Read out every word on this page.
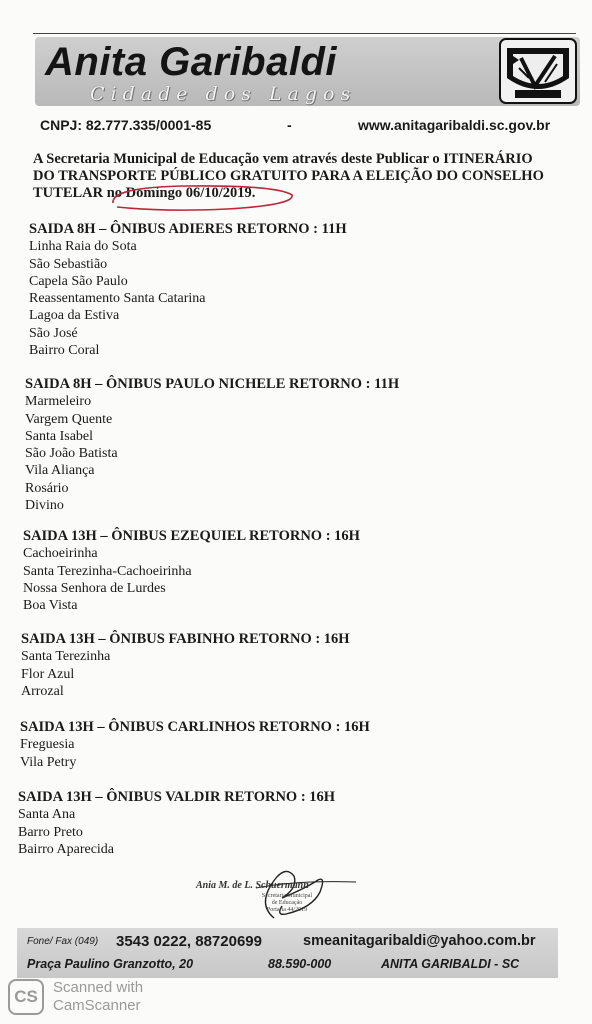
Anita Garibaldi
Cidade dos Lagos
CNPJ: 82.777.335/0001-85	-	www.anitagaribaldi.sc.gov.br
A Secretaria Municipal de Educação vem através deste Publicar o ITINERÁRIO
DO TRANSPORTE PÚBLICO GRATUITO PARA A ELEIÇÃO DO CONSELHO
TUTELAR no Domingo 06/10/2019.
SAIDA 8H – ÔNIBUS ADIERES RETORNO : 11H
Linha Raia do Sota
São Sebastião
Capela São Paulo
Reassentamento Santa Catarina
Lagoa da Estiva
São José
Bairro Coral
SAIDA 8H – ÔNIBUS PAULO NICHELE RETORNO : 11H
Marmeleiro
Vargem Quente
Santa Isabel
São João Batista
Vila Aliança
Rosário
Divino
SAIDA 13H – ÔNIBUS EZEQUIEL RETORNO : 16H
Cachoeirinha
Santa Terezinha-Cachoeirinha
Nossa Senhora de Lurdes
Boa Vista
SAIDA 13H – ÔNIBUS FABINHO RETORNO : 16H
Santa Terezinha
Flor Azul
Arrozal
SAIDA 13H – ÔNIBUS CARLINHOS RETORNO : 16H
Freguesia
Vila Petry
SAIDA 13H – ÔNIBUS VALDIR RETORNO : 16H
Santa Ana
Barro Preto
Bairro Aparecida
Ania M. de L. Schuermann
Secretaria Municipal
de Educação
Portaria 44/2019
Fone/ Fax (049) 3543 0222, 88720699	smeanitagaribaldi@yahoo.com.br
Praça Paulino Granzotto, 20	88.590-000	ANITA GARIBALDI - SC
CS	Scanned with
CamScanner
